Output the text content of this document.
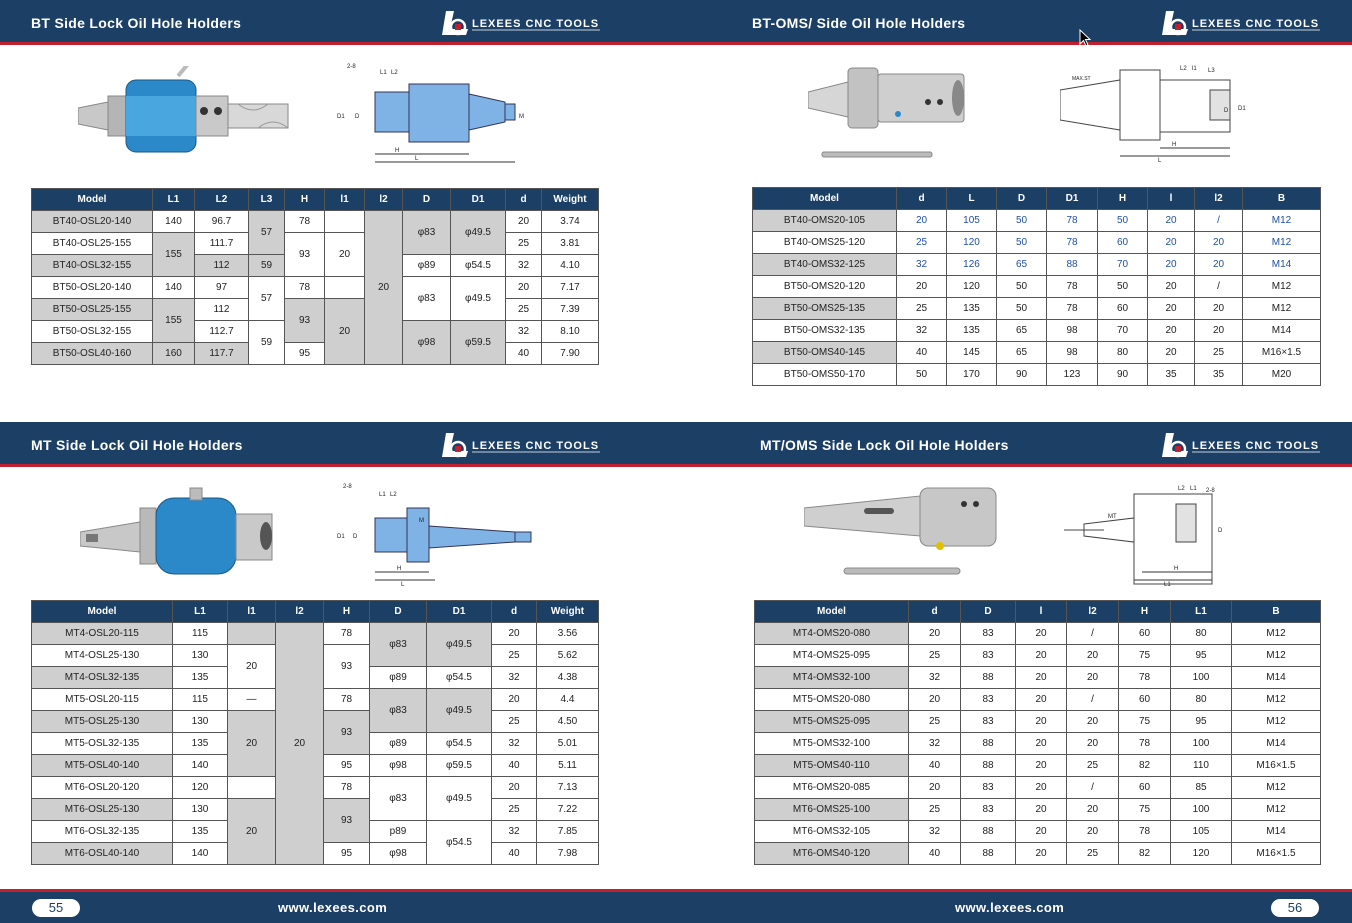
BT Side Lock Oil Hole Holders	LEXEES CNC TOOLS	BT-OMS/ Side Oil Hole Holders	LEXEES CNC TOOLS
MT Side Lock Oil Hole Holders	LEXEES CNC TOOLS	MT/OMS Side Lock Oil Hole Holders	LEXEES CNC TOOLS
2-8
L1 L2
D1 D	M
H
L
MAX.ST
L2 l1 L3
D D1
H
L
2-8
L1 L2
D1 D
M
H
L
L2 L1 2-8
MT
D
H
L1
Model	L1	L2	L3	H	l1	l2	D	D1	d	Weight
BT40-OSL20-140	140	96.7	57	78		20	φ83	φ49.5	20	3.74
BT40-OSL25-155	155	111.7		93	20				25	3.81
BT40-OSL32-155		112	59				φ89	φ54.5	32	4.10
BT50-OSL20-140	140	97	57	78			φ83	φ49.5	20	7.17
BT50-OSL25-155	155	112		93	20				25	7.39
BT50-OSL32-155		112.7	59				φ98	φ59.5	32	8.10
BT50-OSL40-160	160	117.7		95					40	7.90
Model	d	L	D	D1	H	l	l2	B
BT40-OMS20-105	20	105	50	78	50	20	/	M12
BT40-OMS25-120	25	120	50	78	60	20	20	M12
BT40-OMS32-125	32	126	65	88	70	20	20	M14
BT50-OMS20-120	20	120	50	78	50	20	/	M12
BT50-OMS25-135	25	135	50	78	60	20	20	M12
BT50-OMS32-135	32	135	65	98	70	20	20	M14
BT50-OMS40-145	40	145	65	98	80	20	25	M16×1.5
BT50-OMS50-170	50	170	90	123	90	35	35	M20
Model	L1	l1	l2	H	D	D1	d	Weight
MT4-OSL20-115	115		20	78	φ83	φ49.5	20	3.56
MT4-OSL25-130	130	20		93			25	5.62
MT4-OSL32-135	135				φ89	φ54.5	32	4.38
MT5-OSL20-115	115	—		78	φ83	φ49.5	20	4.4
MT5-OSL25-130	130	20		93			25	4.50
MT5-OSL32-135	135				φ89	φ54.5	32	5.01
MT5-OSL40-140	140			95	φ98	φ59.5	40	5.11
MT6-OSL20-120	120			78	φ83	φ49.5	20	7.13
MT6-OSL25-130	130	20		93			25	7.22
MT6-OSL32-135	135				p89	φ54.5	32	7.85
MT6-OSL40-140	140			95	φ98		40	7.98
Model	d	D	l	l2	H	L1	B
MT4-OMS20-080	20	83	20	/	60	80	M12
MT4-OMS25-095	25	83	20	20	75	95	M12
MT4-OMS32-100	32	88	20	20	78	100	M14
MT5-OMS20-080	20	83	20	/	60	80	M12
MT5-OMS25-095	25	83	20	20	75	95	M12
MT5-OMS32-100	32	88	20	20	78	100	M14
MT5-OMS40-110	40	88	20	25	82	110	M16×1.5
MT6-OMS20-085	20	83	20	/	60	85	M12
MT6-OMS25-100	25	83	20	20	75	100	M12
MT6-OMS32-105	32	88	20	20	78	105	M14
MT6-OMS40-120	40	88	20	25	82	120	M16×1.5
55	www.lexees.com	www.lexees.com	56
